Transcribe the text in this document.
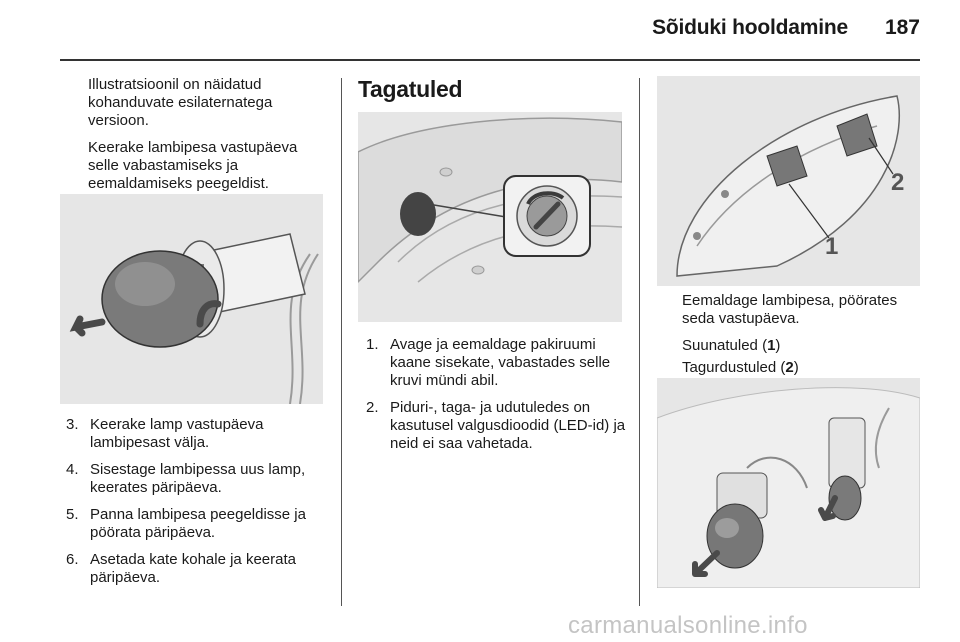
Sõiduki hooldamine 187

Illustratsioonil on näidatud kohanduvate esilaternatega versioon.

Keerake lambipesa vastupäeva selle vabastamiseks ja eemaldamiseks peegeldist.

3. Keerake lamp vastupäeva lambipesast välja.
4. Sisestage lambipessa uus lamp, keerates päripäeva.
5. Panna lambipesa peegeldisse ja pöörata päripäeva.
6. Asetada kate kohale ja keerata päripäeva.
Tagatuled
1. Avage ja eemaldage pakiruumi kaane sisekate, vabastades selle kruvi mündi abil.
2. Piduri-, taga- ja udutuledes on kasutusel valgusdioodid (LED-id) ja neid ei saa vahetada.
1
2

Eemaldage lambipesa, pöörates seda vastupäeva.

Suunatuled (1)

Tagurdustuled (2)

carmanualsonline.info
